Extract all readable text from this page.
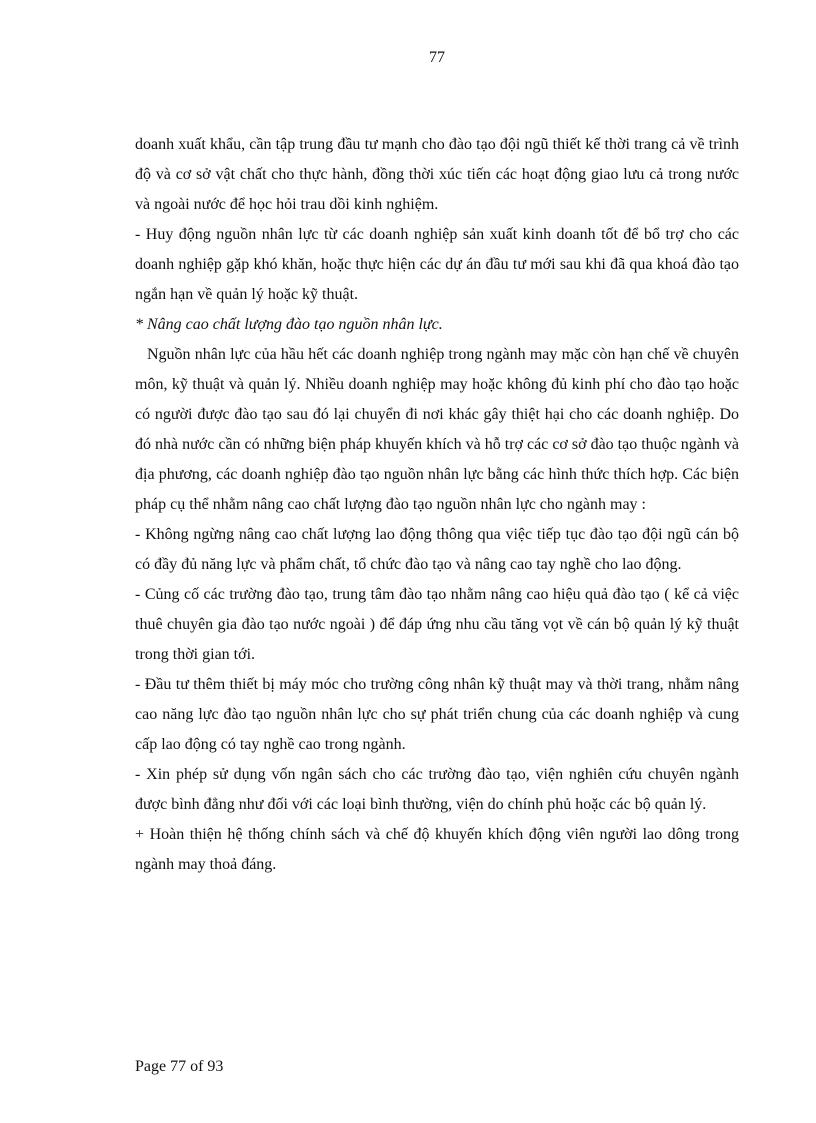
77

doanh xuất khẩu, cần tập trung đầu tư mạnh cho đào tạo đội ngũ thiết kế thời trang cả về trình độ và cơ sở vật chất cho thực hành, đồng thời xúc tiến các hoạt động giao lưu cả trong nước và ngoài nước để học hỏi trau dồi kinh nghiệm.

- Huy động nguồn nhân lực từ các doanh nghiệp sản xuất kinh doanh tốt để bổ trợ cho các doanh nghiệp gặp khó khăn, hoặc thực hiện các dự án đầu tư mới sau khi đã qua khoá đào tạo ngắn hạn về quản lý hoặc kỹ thuật.

* Nâng cao chất lượng đào tạo nguồn nhân lực.

Nguồn nhân lực của hầu hết các doanh nghiệp trong ngành may mặc còn hạn chế về chuyên môn, kỹ thuật và quản lý. Nhiều doanh nghiệp may hoặc không đủ kinh phí cho đào tạo hoặc có người được đào tạo sau đó lại chuyển đi nơi khác gây thiệt hại cho các doanh nghiệp. Do đó nhà nước cần có những biện pháp khuyến khích và hỗ trợ các cơ sở đào tạo thuộc ngành và địa phương, các doanh nghiệp đào tạo nguồn nhân lực bằng các hình thức thích hợp. Các biện pháp cụ thể nhằm nâng cao chất lượng đào tạo nguồn nhân lực cho ngành may :

- Không ngừng nâng cao chất lượng lao động thông qua việc tiếp tục đào tạo đội ngũ cán bộ có đầy đủ năng lực và phẩm chất, tổ chức đào tạo và nâng cao tay nghề cho lao động.

- Củng cố các trường đào tạo, trung tâm đào tạo nhằm nâng cao hiệu quả đào tạo ( kể cả việc thuê chuyên gia đào tạo nước ngoài ) để đáp ứng nhu cầu tăng vọt về cán bộ quản lý kỹ thuật trong thời gian tới.

- Đầu tư thêm thiết bị máy móc cho trường công nhân kỹ thuật may và thời trang, nhằm nâng cao năng lực đào tạo nguồn nhân lực cho sự phát triển chung của các doanh nghiệp và cung cấp lao động có tay nghề cao trong ngành.

- Xin phép sử dụng vốn ngân sách cho các trường đào tạo, viện nghiên cứu chuyên ngành được bình đẳng như đối với các loại bình thường, viện do chính phủ hoặc các bộ quản lý.

+ Hoàn thiện hệ thống chính sách và chế độ khuyến khích động viên người lao dông trong ngành may thoả đáng.

Page 77 of 93
